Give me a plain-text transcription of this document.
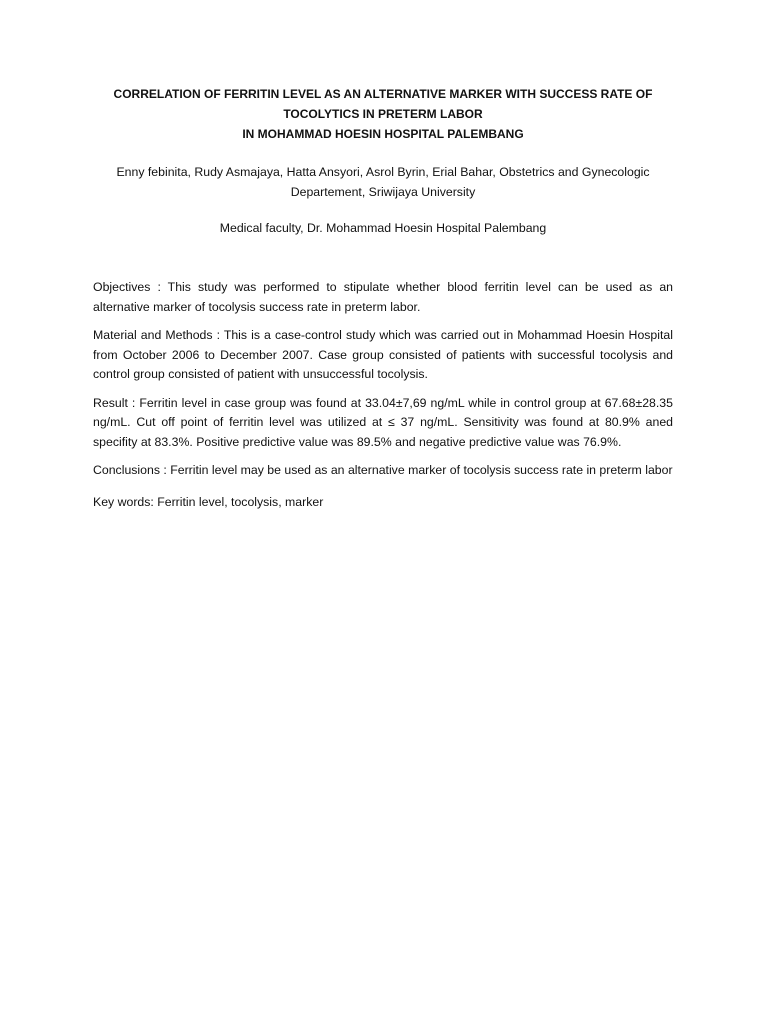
CORRELATION OF FERRITIN LEVEL AS AN ALTERNATIVE MARKER WITH SUCCESS RATE OF
TOCOLYTICS IN PRETERM LABOR
IN MOHAMMAD HOESIN HOSPITAL PALEMBANG
Enny febinita, Rudy Asmajaya, Hatta Ansyori, Asrol Byrin, Erial Bahar, Obstetrics and Gynecologic
Departement, Sriwijaya University
Medical faculty, Dr. Mohammad Hoesin Hospital Palembang

Objectives : This study was performed to stipulate whether blood ferritin level can be used as an alternative marker of tocolysis success rate in preterm labor.

Material and Methods : This is a case-control study which was carried out in Mohammad Hoesin Hospital from October 2006 to December 2007. Case group consisted of patients with successful tocolysis and control group consisted of patient with unsuccessful tocolysis.

Result : Ferritin level in case group was found at 33.04±7,69 ng/mL while in control group at 67.68±28.35 ng/mL. Cut off point of ferritin level was utilized at ≤ 37 ng/mL. Sensitivity was found at 80.9% aned specifity at 83.3%. Positive predictive value was 89.5% and negative predictive value was 76.9%.

Conclusions : Ferritin level may be used as an alternative marker of tocolysis success rate in preterm labor

Key words: Ferritin level, tocolysis, marker
